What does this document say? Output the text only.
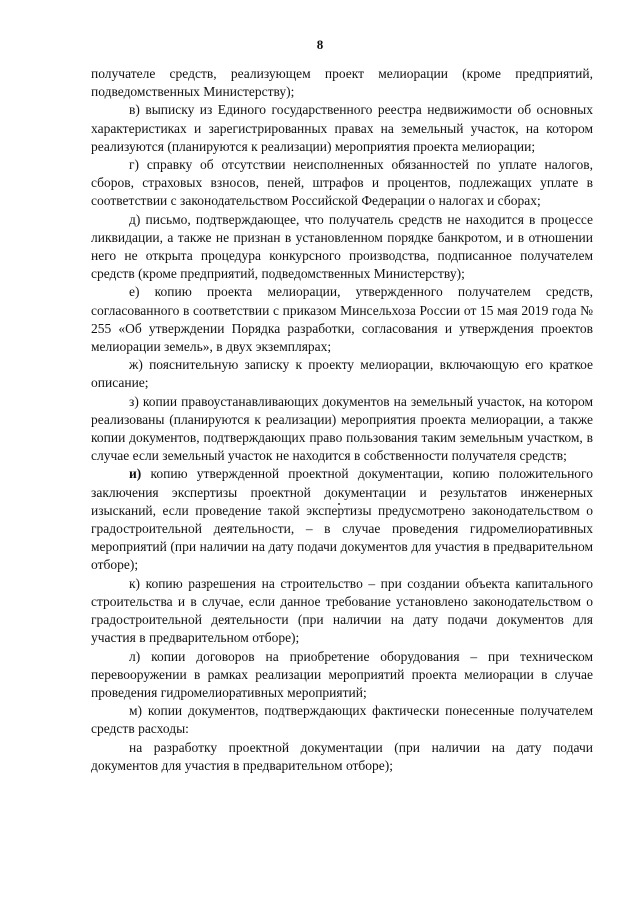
8

получателе средств, реализующем проект мелиорации (кроме предприятий, подведомственных Министерству);

в) выписку из Единого государственного реестра недвижимости об основных характеристиках и зарегистрированных правах на земельный участок, на котором реализуются (планируются к реализации) мероприятия проекта мелиорации;

г) справку об отсутствии неисполненных обязанностей по уплате налогов, сборов, страховых взносов, пеней, штрафов и процентов, подлежащих уплате в соответствии с законодательством Российской Федерации о налогах и сборах;

д) письмо, подтверждающее, что получатель средств не находится в процессе ликвидации, а также не признан в установленном порядке банкротом, и в отношении него не открыта процедура конкурсного производства, подписанное получателем средств (кроме предприятий, подведомственных Министерству);

е) копию проекта мелиорации, утвержденного получателем средств, согласованного в соответствии с приказом Минсельхоза России от 15 мая 2019 года № 255 «Об утверждении Порядка разработки, согласования и утверждения проектов мелиорации земель», в двух экземплярах;

ж) пояснительную записку к проекту мелиорации, включающую его краткое описание;

з) копии правоустанавливающих документов на земельный участок, на котором реализованы (планируются к реализации) мероприятия проекта мелиорации, а также копии документов, подтверждающих право пользования таким земельным участком, в случае если земельный участок не находится в собственности получателя средств;

и) копию утвержденной проектной документации, копию положительного заключения экспертизы проектной документации и результатов инженерных изысканий, если проведение такой экспертизы предусмотрено законодательством о градостроительной деятельности, – в случае проведения гидромелиоративных мероприятий (при наличии на дату подачи документов для участия в предварительном отборе);

к) копию разрешения на строительство – при создании объекта капитального строительства и в случае, если данное требование установлено законодательством о градостроительной деятельности (при наличии на дату подачи документов для участия в предварительном отборе);

л) копии договоров на приобретение оборудования – при техническом перевооружении в рамках реализации мероприятий проекта мелиорации в случае проведения гидромелиоративных мероприятий;

м) копии документов, подтверждающих фактически понесенные получателем средств расходы:

на разработку проектной документации (при наличии на дату подачи документов для участия в предварительном отборе);
